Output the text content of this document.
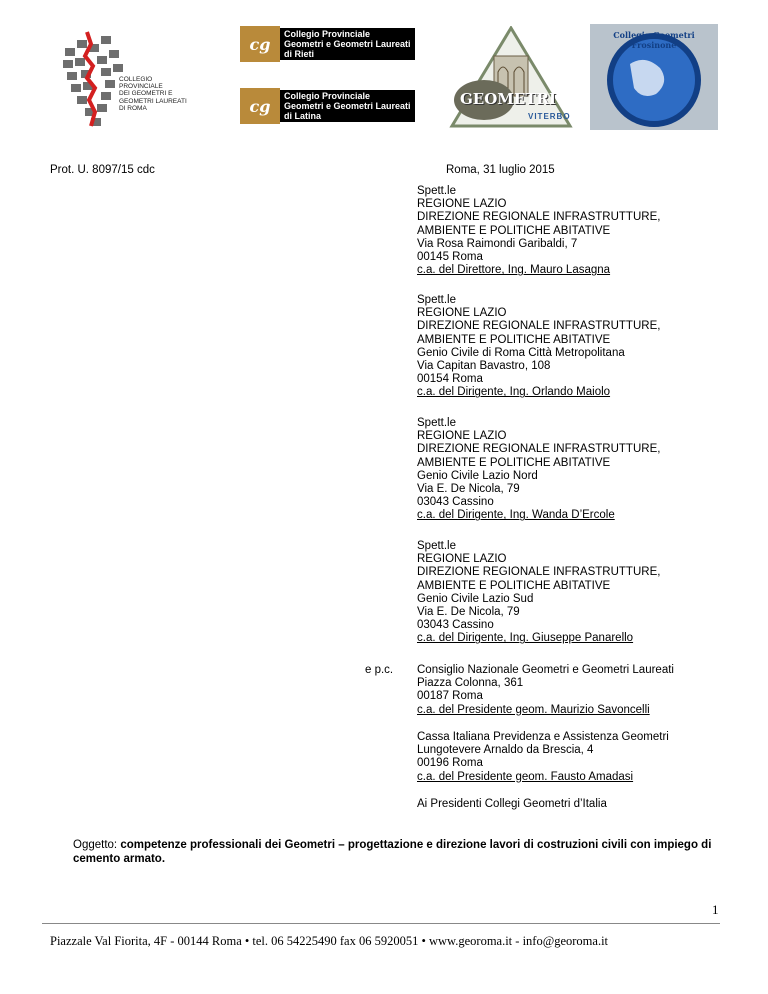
COLLEGIO
PROVINCIALE
DEI GEOMETRI E
GEOMETRI LAUREATI
DI ROMA
cg
Collegio Provinciale
Geometri e Geometri Laureati
di Rieti
cg
Collegio Provinciale
Geometri e Geometri Laureati
di Latina
GEOMETRI
VITERBO
Collegio Geometri Frosinone
Prot. U. 8097/15 cdc	Roma, 31 luglio 2015
Spett.le
REGIONE LAZIO
DIREZIONE REGIONALE INFRASTRUTTURE,
AMBIENTE E POLITICHE ABITATIVE
Via Rosa Raimondi Garibaldi, 7
00145 Roma
c.a. del Direttore, Ing. Mauro Lasagna
Spett.le
REGIONE LAZIO
DIREZIONE REGIONALE INFRASTRUTTURE,
AMBIENTE E POLITICHE ABITATIVE
Genio Civile di Roma Città Metropolitana
Via Capitan Bavastro, 108
00154 Roma
c.a. del Dirigente, Ing. Orlando Maiolo
Spett.le
REGIONE LAZIO
DIREZIONE REGIONALE INFRASTRUTTURE,
AMBIENTE E POLITICHE ABITATIVE
Genio Civile Lazio Nord
Via E. De Nicola, 79
03043 Cassino
c.a. del Dirigente, Ing. Wanda D’Ercole
Spett.le
REGIONE LAZIO
DIREZIONE REGIONALE INFRASTRUTTURE,
AMBIENTE E POLITICHE ABITATIVE
Genio Civile Lazio Sud
Via E. De Nicola, 79
03043 Cassino
c.a. del Dirigente, Ing. Giuseppe Panarello
e p.c. Consiglio Nazionale Geometri e Geometri Laureati
Piazza Colonna, 361
00187 Roma
c.a. del Presidente geom. Maurizio Savoncelli
Cassa Italiana Previdenza e Assistenza Geometri
Lungotevere Arnaldo da Brescia, 4
00196 Roma
c.a. del Presidente geom. Fausto Amadasi
Ai Presidenti Collegi Geometri d’Italia
Oggetto: competenze professionali dei Geometri – progettazione e direzione lavori di costruzioni civili con impiego di cemento armato.
1
Piazzale Val Fiorita, 4F - 00144 Roma • tel. 06 54225490 fax 06 5920051 • www.georoma.it - info@georoma.it
